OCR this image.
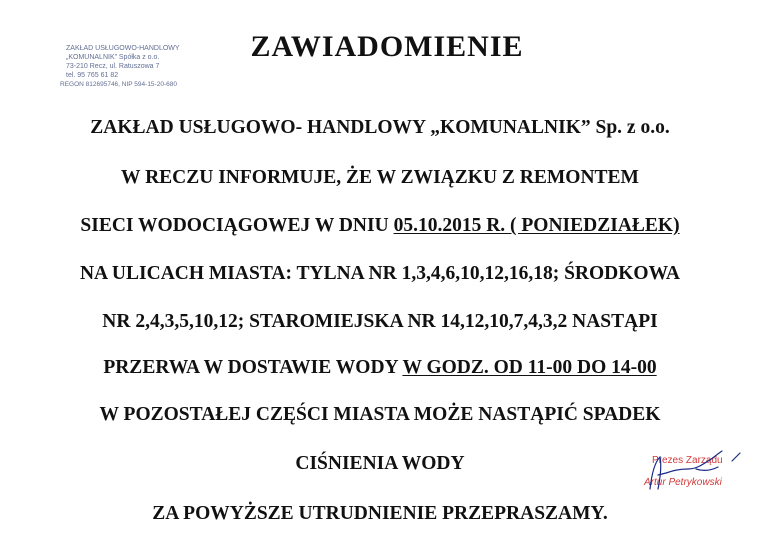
ZAKŁAD USŁUGOWO-HANDLOWY
„KOMUNALNIK” Spółka z o.o.
73-210 Recz, ul. Ratuszowa 7
tel. 95 765 61 82
REGON 812695746, NIP 594-15-20-680
ZAWIADOMIENIE
ZAKŁAD USŁUGOWO- HANDLOWY „KOMUNALNIK” Sp. z o.o.
W RECZU INFORMUJE, ŻE W ZWIĄZKU Z REMONTEM
SIECI WODOCIĄGOWEJ W DNIU 05.10.2015 R. ( PONIEDZIAŁEK)
NA ULICACH MIASTA: TYLNA NR 1,3,4,6,10,12,16,18; ŚRODKOWA
NR 2,4,3,5,10,12; STAROMIEJSKA NR 14,12,10,7,4,3,2 NASTĄPI
PRZERWA W DOSTAWIE WODY W GODZ. OD 11-00 DO 14-00
W POZOSTAŁEJ CZĘŚCI MIASTA MOŻE NASTĄPIĆ SPADEK
CIŚNIENIA WODY
ZA POWYŻSZE UTRUDNIENIE PRZEPRASZAMY.
Prezes Zarządu
Artur Petrykowski
